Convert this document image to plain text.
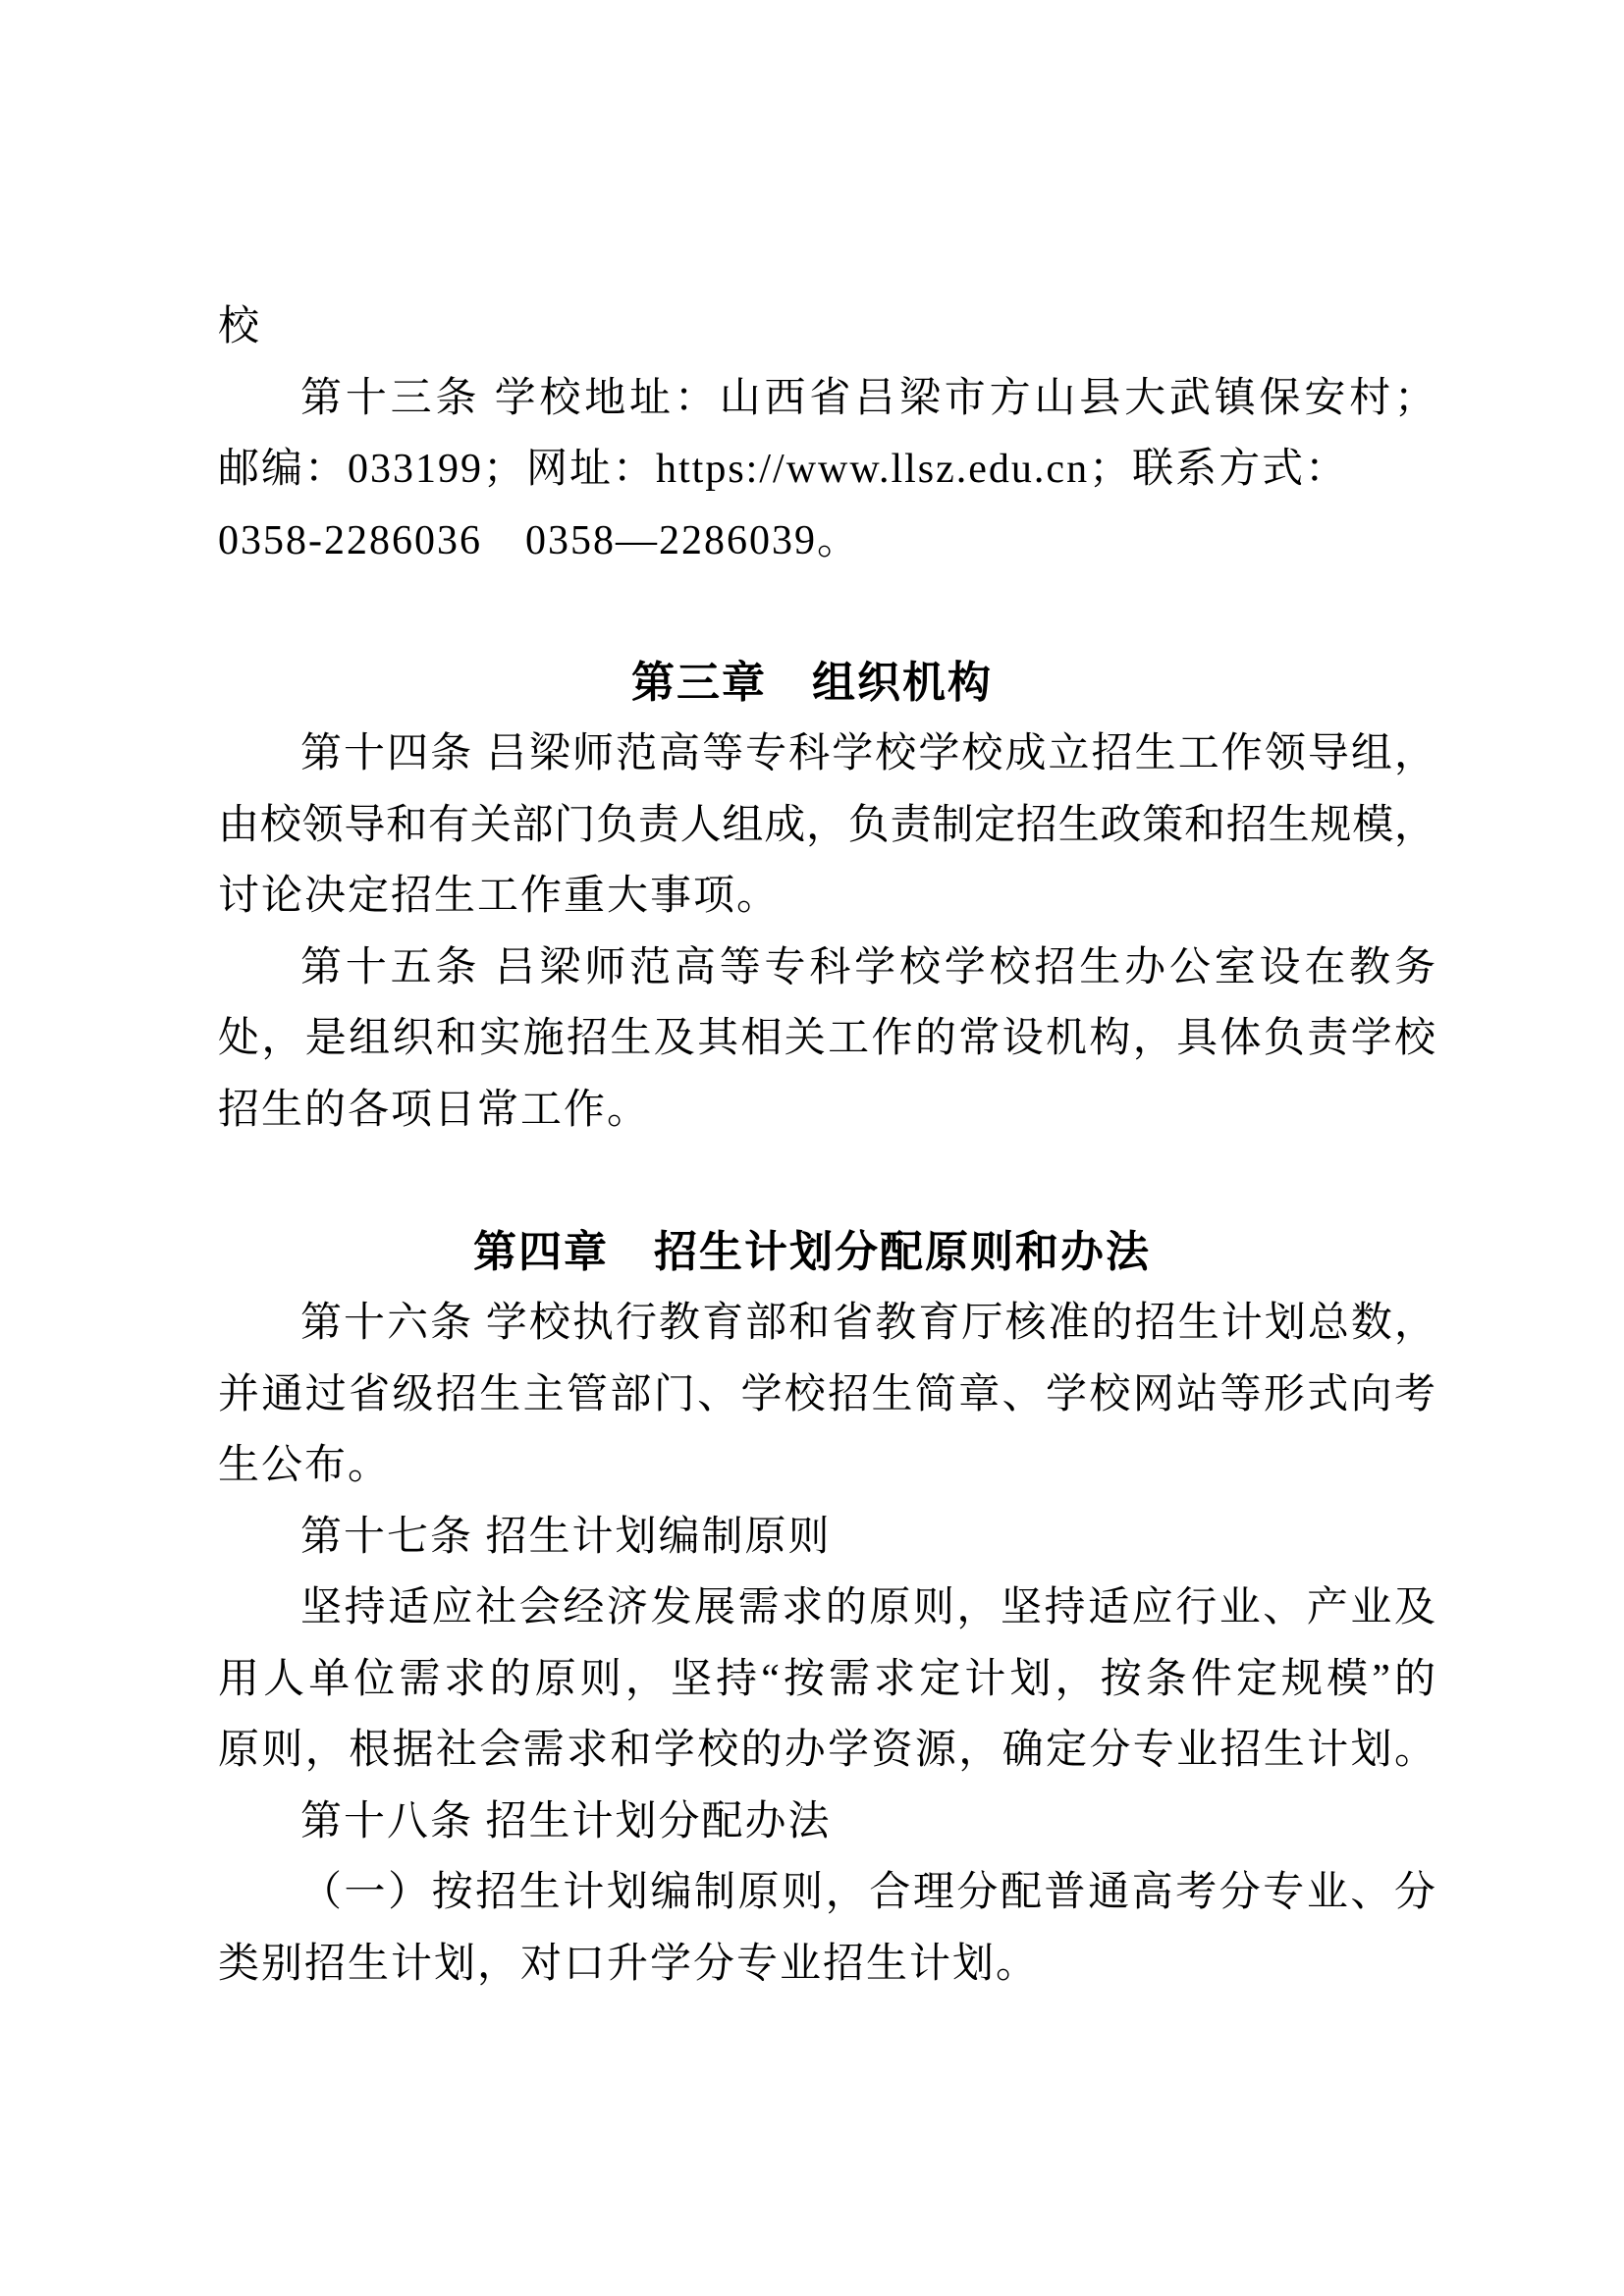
校
第十三条 学校地址：山西省吕梁市方山县大武镇保安村；
邮编：033199；网址：https://www.llsz.edu.cn；联系方式：
0358-2286036　0358—2286039。
第三章　组织机构
第十四条 吕梁师范高等专科学校学校成立招生工作领导组，
由校领导和有关部门负责人组成，负责制定招生政策和招生规模，
讨论决定招生工作重大事项。
第十五条 吕梁师范高等专科学校学校招生办公室设在教务
处，是组织和实施招生及其相关工作的常设机构，具体负责学校
招生的各项日常工作。
第四章　招生计划分配原则和办法
第十六条 学校执行教育部和省教育厅核准的招生计划总数，
并通过省级招生主管部门、学校招生简章、学校网站等形式向考
生公布。
第十七条 招生计划编制原则
坚持适应社会经济发展需求的原则，坚持适应行业、产业及
用人单位需求的原则，坚持“按需求定计划，按条件定规模”的
原则，根据社会需求和学校的办学资源，确定分专业招生计划。
第十八条 招生计划分配办法
（一）按招生计划编制原则，合理分配普通高考分专业、分
类别招生计划，对口升学分专业招生计划。
